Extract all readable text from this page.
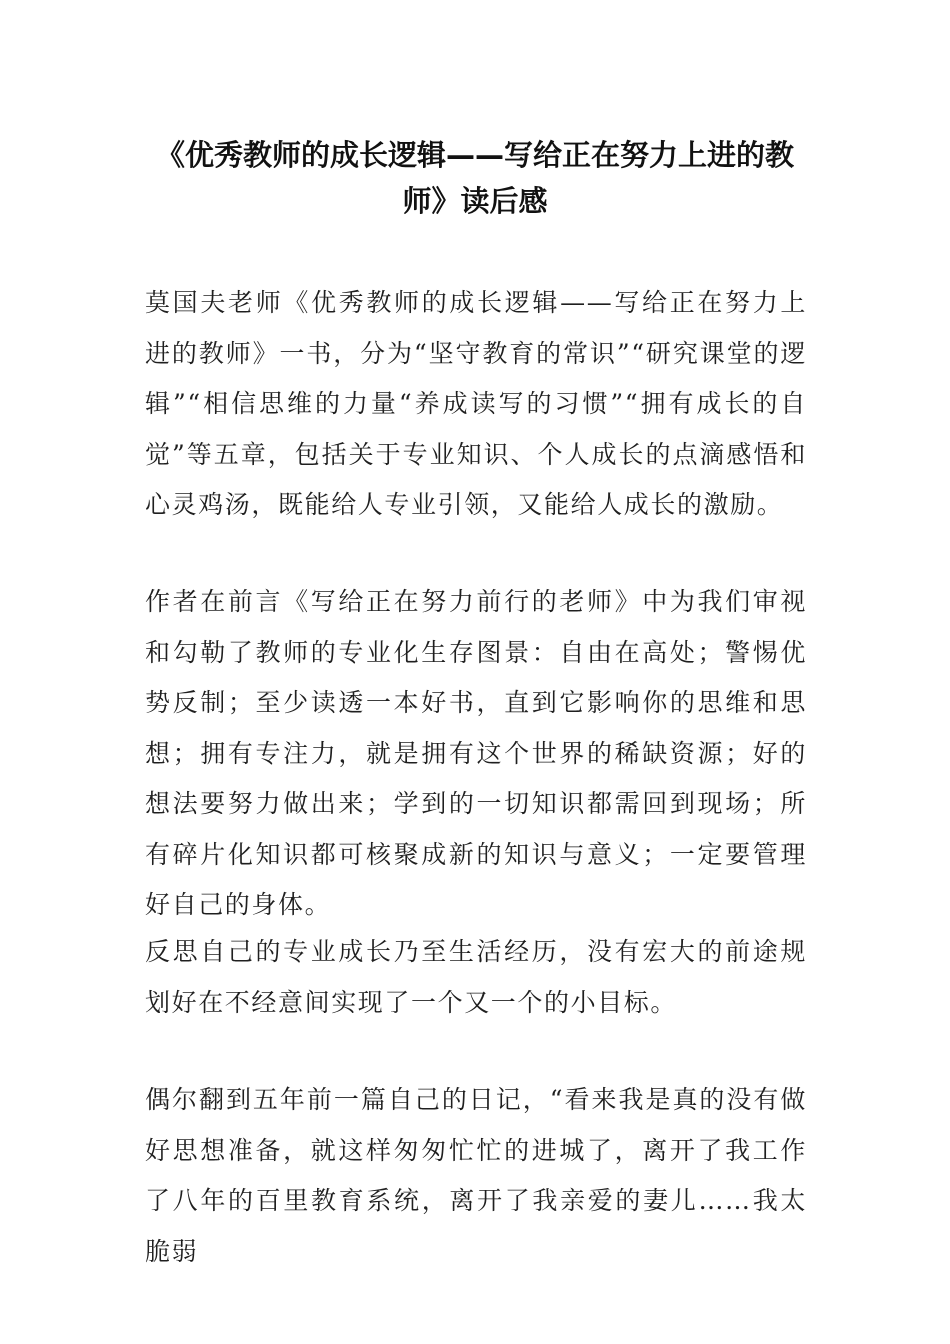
《优秀教师的成长逻辑——写给正在努力上进的教师》读后感

莫国夫老师《优秀教师的成长逻辑——写给正在努力上进的教师》一书，分为“坚守教育的常识”“研究课堂的逻辑”“相信思维的力量“养成读写的习惯”“拥有成长的自觉”等五章，包括关于专业知识、个人成长的点滴感悟和心灵鸡汤，既能给人专业引领，又能给人成长的激励。

作者在前言《写给正在努力前行的老师》中为我们审视和勾勒了教师的专业化生存图景：自由在高处；警惕优势反制；至少读透一本好书，直到它影响你的思维和思想；拥有专注力，就是拥有这个世界的稀缺资源；好的想法要努力做出来；学到的一切知识都需回到现场；所有碎片化知识都可核聚成新的知识与意义；一定要管理好自己的身体。

反思自己的专业成长乃至生活经历，没有宏大的前途规划好在不经意间实现了一个又一个的小目标。

偶尔翻到五年前一篇自己的日记，“看来我是真的没有做好思想准备，就这样匆匆忙忙的进城了，离开了我工作了八年的百里教育系统，离开了我亲爱的妻儿……我太脆弱
